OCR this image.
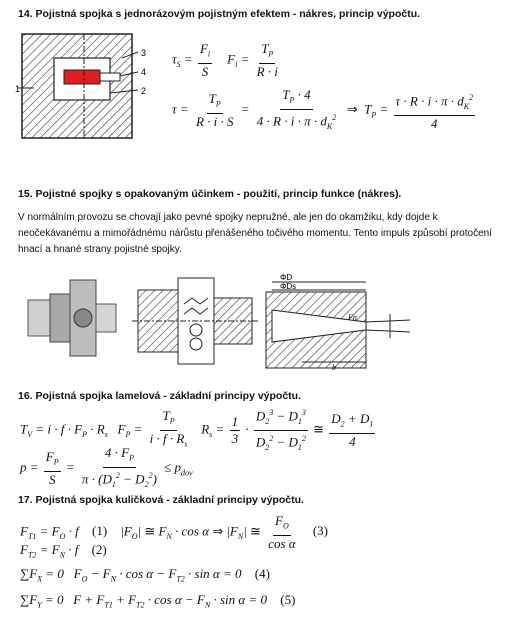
14. Pojistná spojka s jednorázovým pojistným efektem - nákres, princip výpočtu.
1	2
3
4
$\tau_S = \frac{F_i}{S} F_i = \frac{T_P}{R \cdot i}$
$\tau = \frac{T_P}{R \cdot i \cdot S} = \frac{T_P \cdot 4}{4 \cdot R \cdot i \cdot \pi \cdot d_K^2}$ ⇒  $T_P = \frac{\tau \cdot R \cdot i \cdot \pi \cdot d_K^2}{4}$
15. Pojistné spojky s opakovaným účinkem - použití, princip funkce (nákres).
V normálním provozu se chovají jako pevné spojky nepružné, ale jen do okamžiku, kdy dojde k neočekávanému a mimořádnému nárůstu přenášeného točivého momentu. Tento impuls způsobí protočení hnací a hnané strany pojistné spojky.
ΦD
ΦDs
Fn
b
16. Pojistná spojka lamelová - základní principy výpočtu.
$T_V = i \cdot f \cdot F_P \cdot R_s$   $F_P = \frac{T_P}{i \cdot f \cdot R_s} R_s = \frac{1}{3} \cdot \frac{D_2^3 - D_1^3}{D_2^2 - D_1^2}$ ≅ $\frac{D_2 + D_1}{4}$
$p = \frac{F_P}{S} = \frac{4 \cdot F_P}{\pi \cdot (D_1^2 - D_2^2)} \le p_{dov}$
17. Pojistná spojka kuličková - základní principy výpočtu.
$F_{T1} = F_O \cdot f$ (1)    $|F_O|$ ≅ $F_N \cdot \cos \alpha$ ⇒ $|F_N|$ ≅ $\frac{F_O}{\text{cos α}} (3)$
$F_{T2} = F_N \cdot f$ (2)
$\sum F_X = 0$   $F_O - F_N \cdot \cos \alpha - F_{T2} \cdot \sin \alpha = 0$ (4)
$\sum F_Y = 0$   $F + F_{T1} + F_{T2} \cdot \cos \alpha - F_N \cdot \sin \alpha = 0$ (5)
